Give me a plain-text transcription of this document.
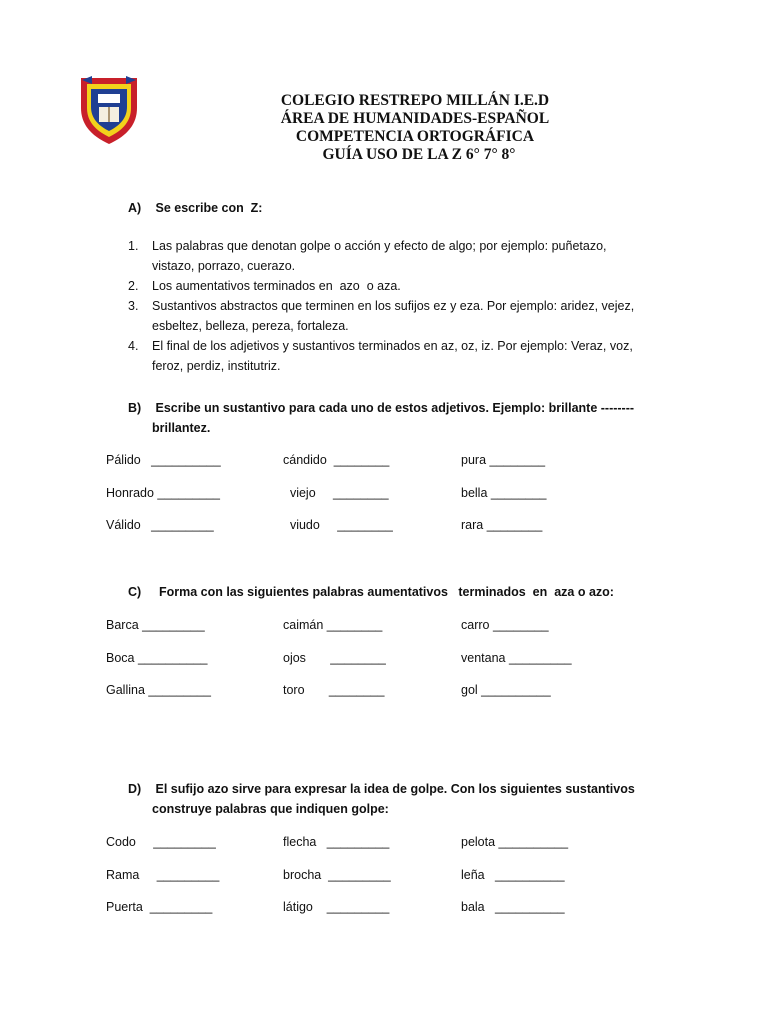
COLEGIO RESTREPO MILLÁN I.E.D
ÁREA DE HUMANIDADES-ESPAÑOL
COMPETENCIA ORTOGRÁFICA
GUÍA USO DE LA Z 6° 7° 8°
A) Se escribe con  Z:
1. Las palabras que denotan golpe o acción y efecto de algo; por ejemplo: puñetazo, vistazo, porrazo, cuerazo.
2. Los aumentativos terminados en  azo  o aza.
3. Sustantivos abstractos que terminen en los sufijos ez y eza. Por ejemplo: aridez, vejez, esbeltez, belleza, pereza, fortaleza.
4. El final de los adjetivos y sustantivos terminados en az, oz, iz. Por ejemplo: Veraz, voz, feroz, perdiz, institutriz.
B) Escribe un sustantivo para cada uno de estos adjetivos. Ejemplo: brillante --------
brillantez.
Pálido   __________	cándido  ________	pura ________
Honrado _________	viejo     ________	bella ________
Válido   _________	viudo     ________	rara ________
C)  Forma con las siguientes palabras aumentativos   terminados  en  aza o azo:
Barca _________	caimán ________	carro ________
Boca __________	ojos       ________	ventana _________
Gallina _________	toro       ________	gol __________
D) El sufijo azo sirve para expresar la idea de golpe. Con los siguientes sustantivos
construye palabras que indiquen golpe:
Codo     _________	flecha   _________	pelota __________
Rama     _________	brocha  _________	leña   __________
Puerta  _________	látigo    _________	bala   __________
